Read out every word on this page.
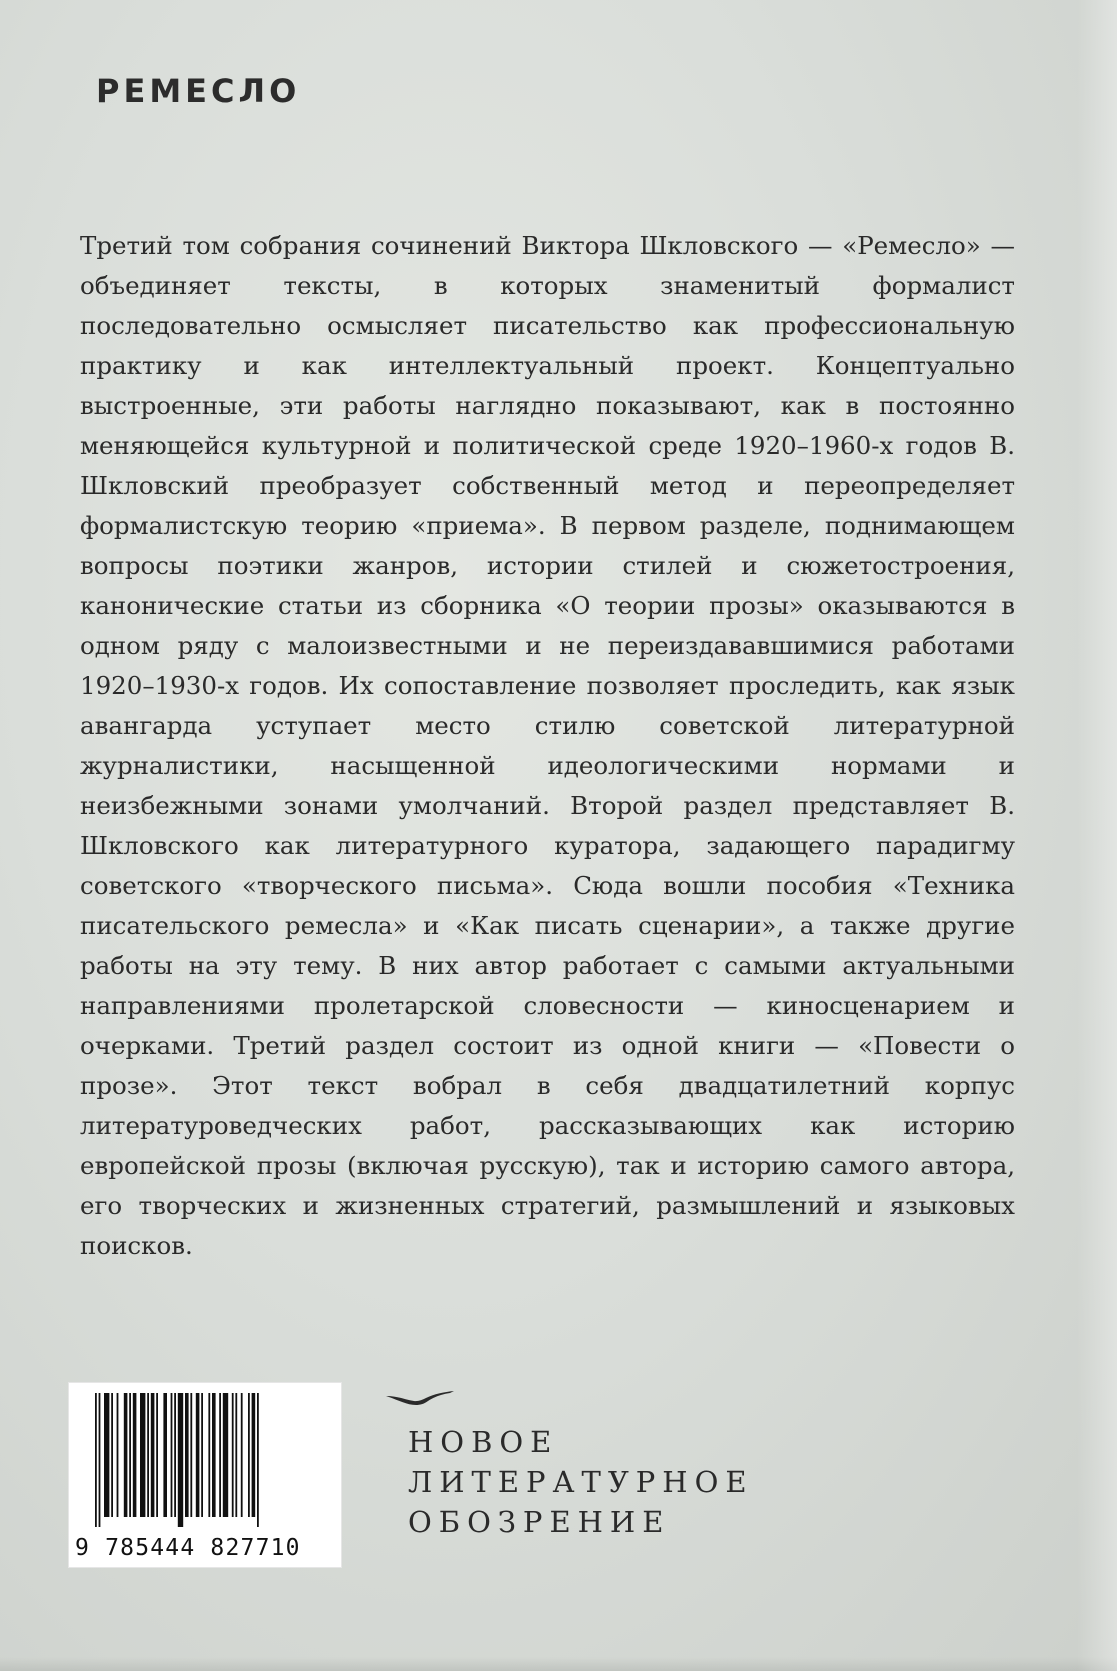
РЕМЕСЛО

Третий том собрания сочинений Виктора Шкловского — «Ремесло» — объединяет тексты, в которых знаменитый формалист последовательно осмысляет писательство как профессиональную практику и как интеллектуальный проект. Концептуально выстроенные, эти работы наглядно показывают, как в постоянно меняющейся культурной и политической среде 1920–1960-х годов В. Шкловский преобразует собственный метод и переопределяет формалистскую теорию «приема». В первом разделе, поднимающем вопросы поэтики жанров, истории стилей и сюжетостроения, канонические статьи из сборника «О теории прозы» оказываются в одном ряду с малоизвестными и не переиздававшимися работами 1920–1930-х годов. Их сопоставление позволяет проследить, как язык авангарда уступает место стилю советской литературной журналистики, насыщенной идеологическими нормами и неизбежными зонами умолчаний. Второй раздел представляет В. Шкловского как литературного куратора, задающего парадигму советского «творческого письма». Сюда вошли пособия «Техника писательского ремесла» и «Как писать сценарии», а также другие работы на эту тему. В них автор работает с самыми актуальными направлениями пролетарской словесности — киносценарием и очерками. Третий раздел состоит из одной книги — «Повести о прозе». Этот текст вобрал в себя двадцатилетний корпус литературоведческих работ, рассказывающих как историю европейской прозы (включая русскую), так и историю самого автора, его творческих и жизненных стратегий, размышлений и языковых поисков.

9 785444 827710
НОВОЕ
ЛИТЕРАТУРНОЕ
ОБОЗРЕНИЕ
